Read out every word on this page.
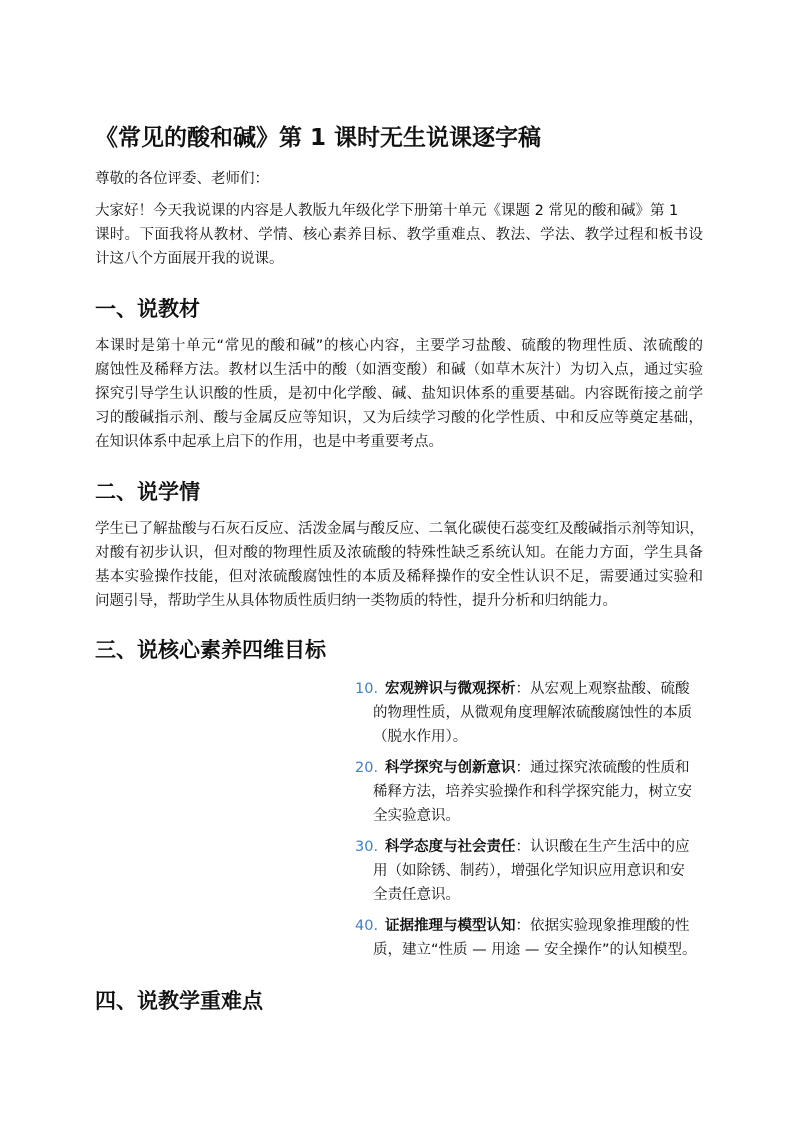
《常见的酸和碱》第 1 课时无生说课逐字稿
尊敬的各位评委、老师们：
大家好！今天我说课的内容是人教版九年级化学下册第十单元《课题 2 常见的酸和碱》第 1
课时。下面我将从教材、学情、核心素养目标、教学重难点、教法、学法、教学过程和板书设
计这八个方面展开我的说课。
一、说教材
本课时是第十单元“常见的酸和碱”的核心内容，主要学习盐酸、硫酸的物理性质、浓硫酸的
腐蚀性及稀释方法。教材以生活中的酸（如酒变酸）和碱（如草木灰汁）为切入点，通过实验
探究引导学生认识酸的性质，是初中化学酸、碱、盐知识体系的重要基础。内容既衔接之前学
习的酸碱指示剂、酸与金属反应等知识，又为后续学习酸的化学性质、中和反应等奠定基础，
在知识体系中起承上启下的作用，也是中考重要考点。
二、说学情
学生已了解盐酸与石灰石反应、活泼金属与酸反应、二氧化碳使石蕊变红及酸碱指示剂等知识，
对酸有初步认识，但对酸的物理性质及浓硫酸的特殊性缺乏系统认知。在能力方面，学生具备
基本实验操作技能，但对浓硫酸腐蚀性的本质及稀释操作的安全性认识不足，需要通过实验和
问题引导，帮助学生从具体物质性质归纳一类物质的特性，提升分析和归纳能力。
三、说核心素养四维目标
10. 宏观辨识与微观探析：从宏观上观察盐酸、硫酸
的物理性质，从微观角度理解浓硫酸腐蚀性的本质
（脱水作用）。
20. 科学探究与创新意识：通过探究浓硫酸的性质和
稀释方法，培养实验操作和科学探究能力，树立安
全实验意识。
30. 科学态度与社会责任：认识酸在生产生活中的应
用（如除锈、制药），增强化学知识应用意识和安
全责任意识。
40. 证据推理与模型认知：依据实验现象推理酸的性
质，建立“性质 — 用途 — 安全操作”的认知模型。
四、说教学重难点
